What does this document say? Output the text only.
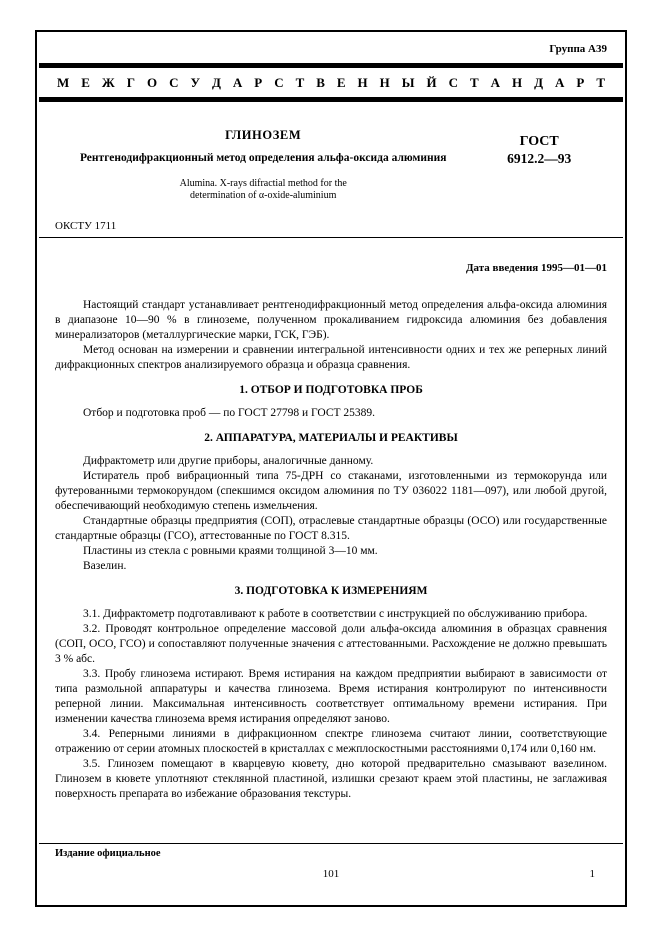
Группа А39
М Е Ж Г О С У Д А Р С Т В Е Н Н Ы Й С Т А Н Д А Р Т
ГЛИНОЗЕМ
Рентгенодифракционный метод определения альфа-оксида алюминия
Alumina. X-rays difractial method for the
determination of α-oxide-aluminium
ГОСТ
6912.2—93
ОКСТУ 1711
Дата введения 1995—01—01

Настоящий стандарт устанавливает рентгенодифракционный метод определения альфа-оксида алюминия в диапазоне 10—90 % в глиноземе, полученном прокаливанием гидроксида алюминия без добавления минерализаторов (металлургические марки, ГСК, ГЭБ).

Метод основан на измерении и сравнении интегральной интенсивности одних и тех же реперных линий дифракционных спектров анализируемого образца и образца сравнения.

1. ОТБОР И ПОДГОТОВКА ПРОБ

Отбор и подготовка проб — по ГОСТ 27798 и ГОСТ 25389.

2. АППАРАТУРА, МАТЕРИАЛЫ И РЕАКТИВЫ

Дифрактометр или другие приборы, аналогичные данному.

Истиратель проб вибрационный типа 75-ДРН со стаканами, изготовленными из термокорунда или футерованными термокорундом (спекшимся оксидом алюминия по ТУ 036022 1181—097), или любой другой, обеспечивающий необходимую степень измельчения.

Стандартные образцы предприятия (СОП), отраслевые стандартные образцы (ОСО) или государственные стандартные образцы (ГСО), аттестованные по ГОСТ 8.315.

Пластины из стекла с ровными краями толщиной 3—10 мм.

Вазелин.

3. ПОДГОТОВКА К ИЗМЕРЕНИЯМ

3.1. Дифрактометр подготавливают к работе в соответствии с инструкцией по обслуживанию прибора.

3.2. Проводят контрольное определение массовой доли альфа-оксида алюминия в образцах сравнения (СОП, ОСО, ГСО) и сопоставляют полученные значения с аттестованными. Расхождение не должно превышать 3 % абс.

3.3. Пробу глинозема истирают. Время истирания на каждом предприятии выбирают в зависимости от типа размольной аппаратуры и качества глинозема. Время истирания контролируют по интенсивности реперной линии. Максимальная интенсивность соответствует оптимальному времени истирания. При изменении качества глинозема время истирания определяют заново.

3.4. Реперными линиями в дифракционном спектре глинозема считают линии, соответствующие отражению от серии атомных плоскостей в кристаллах с межплоскостными расстояниями 0,174 или 0,160 нм.

3.5. Глинозем помещают в кварцевую кювету, дно которой предварительно смазывают вазелином. Глинозем в кювете уплотняют стеклянной пластиной, излишки срезают краем этой пластины, не заглаживая поверхность препарата во избежание образования текстуры.

Издание официальное
101	1
